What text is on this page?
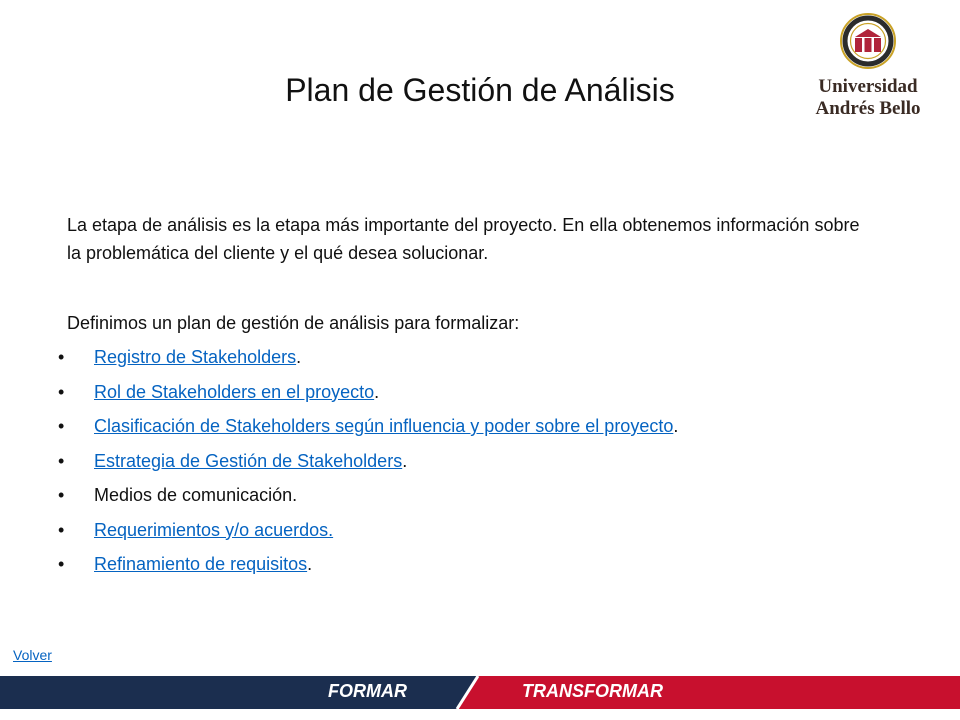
Plan de Gestión de Análisis	Universidad
Andrés Bello
La etapa de análisis es la etapa más importante del proyecto. En ella obtenemos información sobre la problemática del cliente y el qué desea solucionar.
Definimos un plan de gestión de análisis para formalizar:
•	Registro de Stakeholders.
•	Rol de Stakeholders en el proyecto.
•	Clasificación de Stakeholders según influencia y poder sobre el proyecto.
•	Estrategia de Gestión de Stakeholders.
•	Medios de comunicación.
•	Requerimientos y/o acuerdos.
•	Refinamiento de requisitos.
Volver
FORMAR	TRANSFORMAR
